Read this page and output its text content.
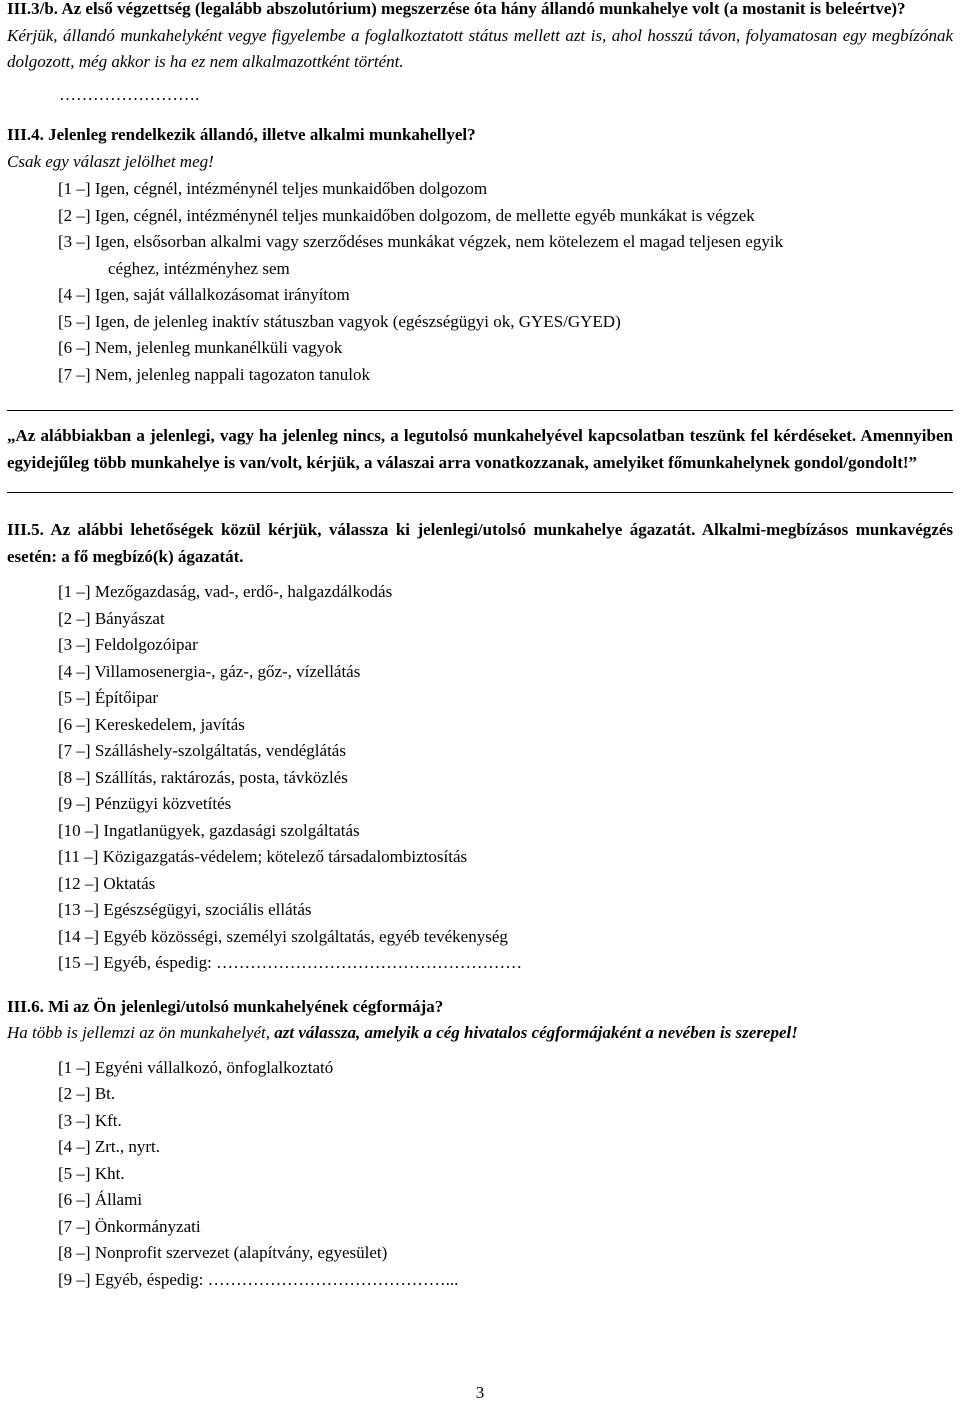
III.3/b. Az első végzettség (legalább abszolutórium) megszerzése óta hány állandó munkahelye volt (a mostanit is beleértve)?

Kérjük, állandó munkahelyként vegye figyelembe a foglalkoztatott státus mellett azt is, ahol hosszú távon, folyamatosan egy megbízónak dolgozott, még akkor is ha ez nem alkalmazottként történt.

…………………….

III.4. Jelenleg rendelkezik állandó, illetve alkalmi munkahellyel?

Csak egy választ jelölhet meg!

[1 –] Igen, cégnél, intézménynél teljes munkaidőben dolgozom
[2 –] Igen, cégnél, intézménynél teljes munkaidőben dolgozom, de mellette egyéb munkákat is végzek
[3 –] Igen, elsősorban alkalmi vagy szerződéses munkákat végzek, nem kötelezem el magad teljesen egyik
céghez, intézményhez sem
[4 –] Igen, saját vállalkozásomat irányítom
[5 –] Igen, de jelenleg inaktív státuszban vagyok (egészségügyi ok, GYES/GYED)
[6 –] Nem, jelenleg munkanélküli vagyok
[7 –] Nem, jelenleg nappali tagozaton tanulok

„Az alábbiakban a jelenlegi, vagy ha jelenleg nincs, a legutolsó munkahelyével kapcsolatban teszünk fel kérdéseket. Amennyiben egyidejűleg több munkahelye is van/volt, kérjük, a válaszai arra vonatkozzanak, amelyiket főmunkahelynek gondol/gondolt!”

III.5. Az alábbi lehetőségek közül kérjük, válassza ki jelenlegi/utolsó munkahelye ágazatát. Alkalmi-megbízásos munkavégzés esetén: a fő megbízó(k) ágazatát.

[1 –] Mezőgazdaság, vad-, erdő-, halgazdálkodás
[2 –] Bányászat
[3 –] Feldolgozóipar
[4 –] Villamosenergia-, gáz-, gőz-, vízellátás
[5 –] Építőipar
[6 –] Kereskedelem, javítás
[7 –] Szálláshely-szolgáltatás, vendéglátás
[8 –] Szállítás, raktározás, posta, távközlés
[9 –] Pénzügyi közvetítés
[10 –] Ingatlanügyek, gazdasági szolgáltatás
[11 –] Közigazgatás-védelem; kötelező társadalombiztosítás
[12 –] Oktatás
[13 –] Egészségügyi, szociális ellátás
[14 –] Egyéb közösségi, személyi szolgáltatás, egyéb tevékenység
[15 –] Egyéb, éspedig: ………………………………………………

III.6. Mi az Ön jelenlegi/utolsó munkahelyének cégformája?

Ha több is jellemzi az ön munkahelyét, azt válassza, amelyik a cég hivatalos cégformájaként a nevében is szerepel!

[1 –] Egyéni vállalkozó, önfoglalkoztató
[2 –] Bt.
[3 –] Kft.
[4 –] Zrt., nyrt.
[5 –] Kht.
[6 –] Állami
[7 –] Önkormányzati
[8 –] Nonprofit szervezet (alapítvány, egyesület)
[9 –] Egyéb, éspedig: ……………………………………...
3
